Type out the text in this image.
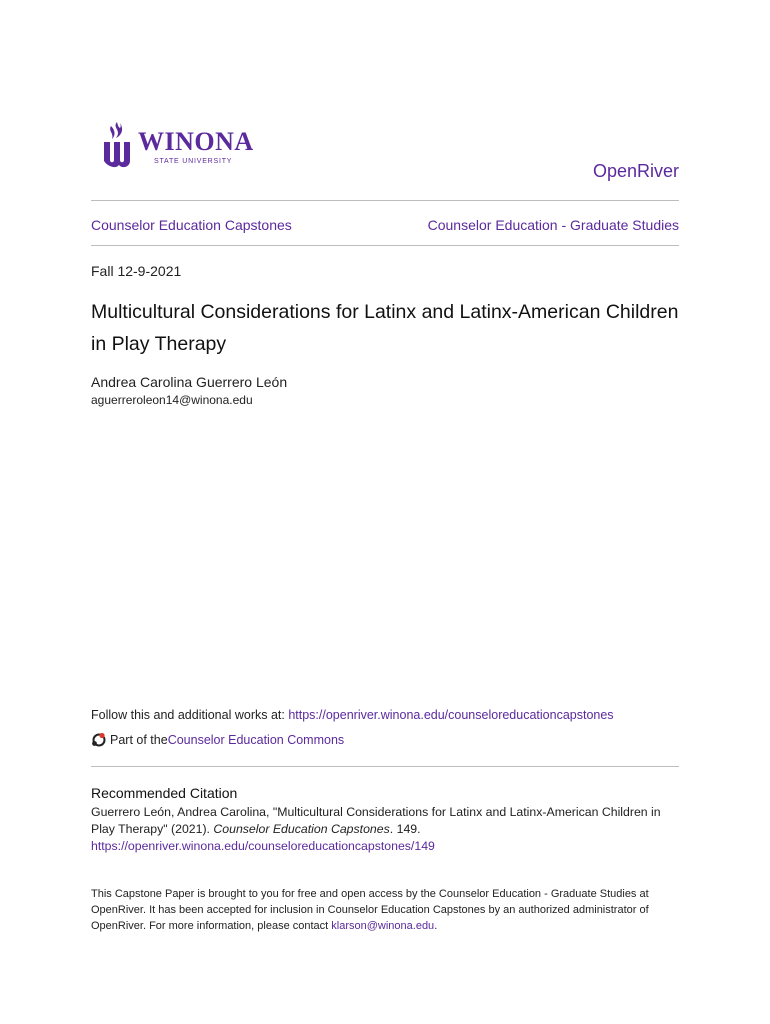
WINONA
STATE UNIVERSITY	OpenRiver
Counselor Education Capstones	Counselor Education - Graduate Studies
Fall 12-9-2021
Multicultural Considerations for Latinx and Latinx-American Children in Play Therapy
Andrea Carolina Guerrero León
aguerreroleon14@winona.edu
Follow this and additional works at: https://openriver.winona.edu/counseloreducationcapstones
Part of the Counselor Education Commons
Recommended Citation
Guerrero León, Andrea Carolina, "Multicultural Considerations for Latinx and Latinx-American Children in Play Therapy" (2021). Counselor Education Capstones. 149.
https://openriver.winona.edu/counseloreducationcapstones/149
This Capstone Paper is brought to you for free and open access by the Counselor Education - Graduate Studies at OpenRiver. It has been accepted for inclusion in Counselor Education Capstones by an authorized administrator of OpenRiver. For more information, please contact klarson@winona.edu.
